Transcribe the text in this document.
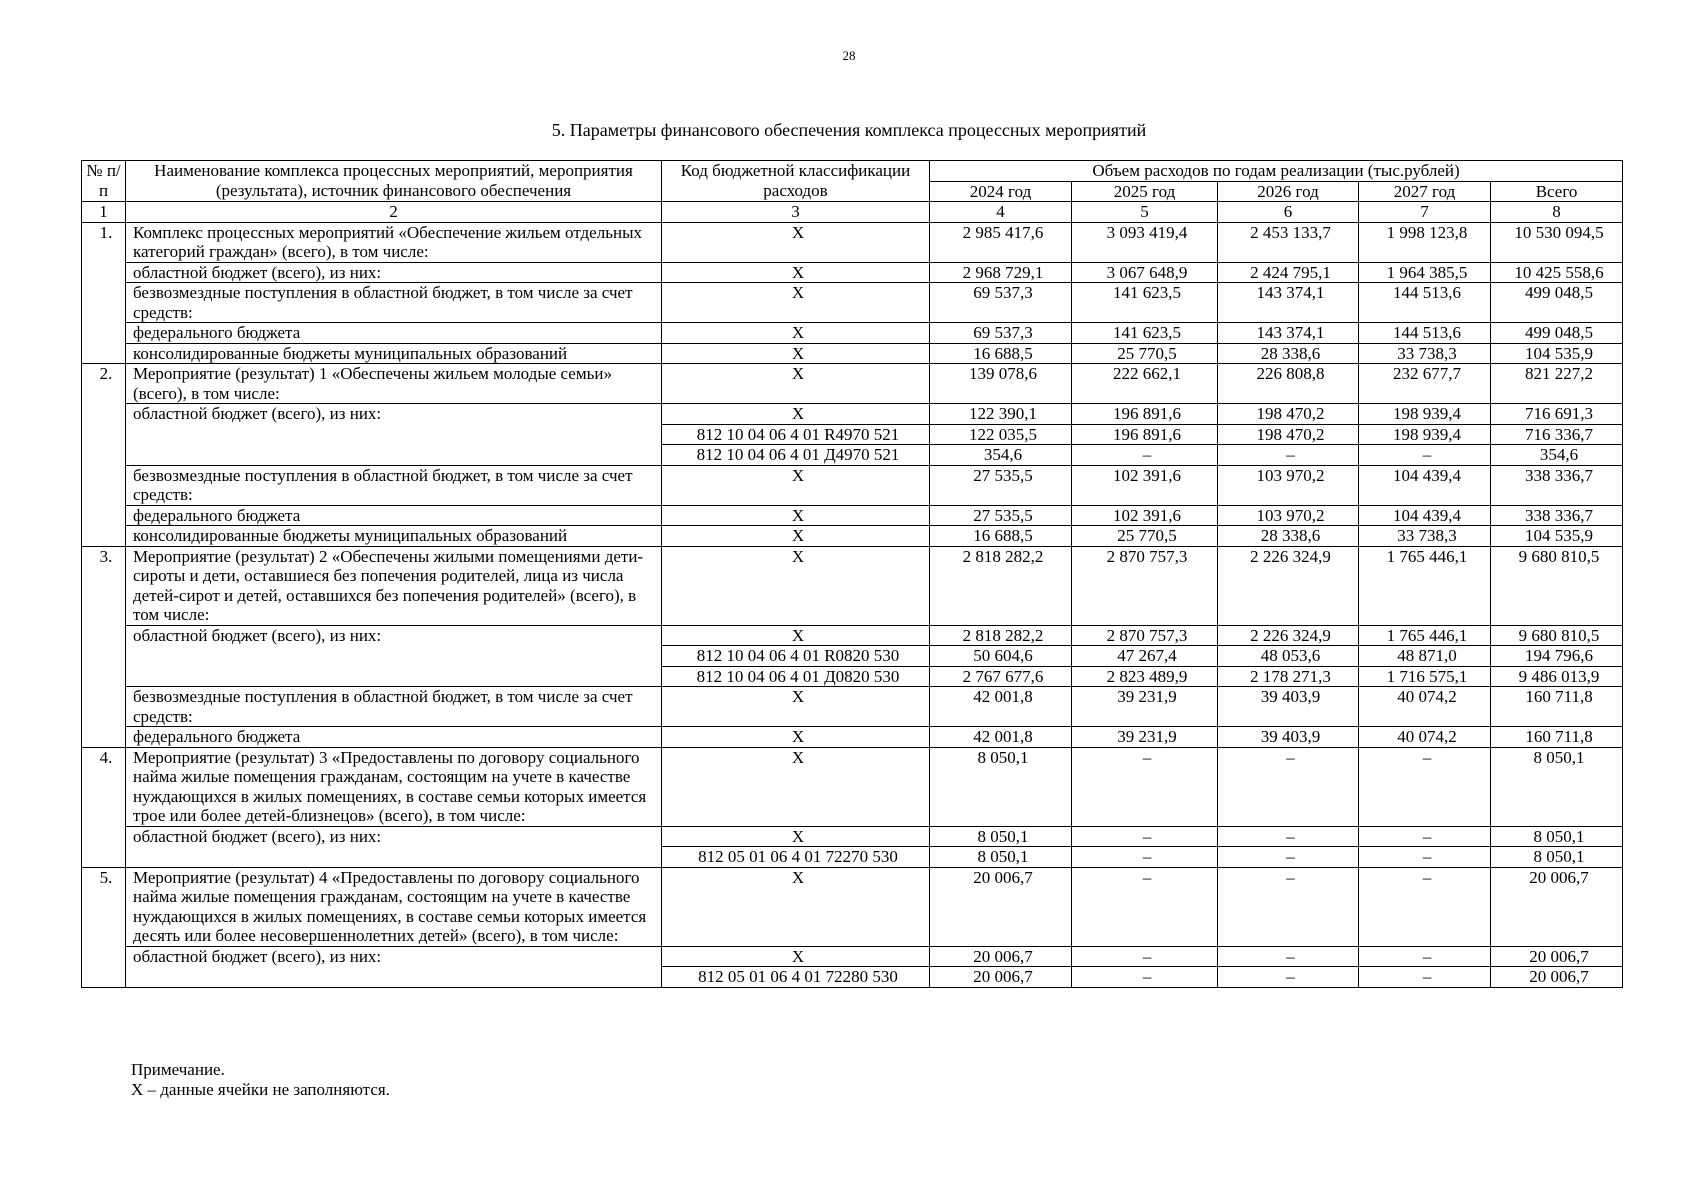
28
5. Параметры финансового обеспечения комплекса процессных мероприятий
№ п/п	Наименование комплекса процессных мероприятий, мероприятия (результата), источник финансового обеспечения	Код бюджетной классификации расходов	Объем расходов по годам реализации (тыс.рублей)				
			2024 год	2025 год	2026 год	2027 год	Всего
1	2	3	4	5	6	7	8
1.	Комплекс процессных мероприятий «Обеспечение жильем отдельных категорий граждан» (всего), в том числе:	X	2 985 417,6	3 093 419,4	2 453 133,7	1 998 123,8	10 530 094,5
	областной бюджет (всего), из них:	X	2 968 729,1	3 067 648,9	2 424 795,1	1 964 385,5	10 425 558,6
	безвозмездные поступления в областной бюджет, в том числе за счет средств:	X	69 537,3	141 623,5	143 374,1	144 513,6	499 048,5
	федерального бюджета	X	69 537,3	141 623,5	143 374,1	144 513,6	499 048,5
	консолидированные бюджеты муниципальных образований	X	16 688,5	25 770,5	28 338,6	33 738,3	104 535,9
2.	Мероприятие (результат) 1 «Обеспечены жильем молодые семьи» (всего), в том числе:	X	139 078,6	222 662,1	226 808,8	232 677,7	821 227,2
	областной бюджет (всего), из них:	X	122 390,1	196 891,6	198 470,2	198 939,4	716 691,3
		812 10 04 06 4 01 R4970 521	122 035,5	196 891,6	198 470,2	198 939,4	716 336,7
		812 10 04 06 4 01 Д4970 521	354,6	–	–	–	354,6
	безвозмездные поступления в областной бюджет, в том числе за счет средств:	X	27 535,5	102 391,6	103 970,2	104 439,4	338 336,7
	федерального бюджета	X	27 535,5	102 391,6	103 970,2	104 439,4	338 336,7
	консолидированные бюджеты муниципальных образований	X	16 688,5	25 770,5	28 338,6	33 738,3	104 535,9
3.	Мероприятие (результат) 2 «Обеспечены жилыми помещениями дети-сироты и дети, оставшиеся без попечения родителей, лица из числа детей-сирот и детей, оставшихся без попечения родителей» (всего), в том числе:	X	2 818 282,2	2 870 757,3	2 226 324,9	1 765 446,1	9 680 810,5
	областной бюджет (всего), из них:	X	2 818 282,2	2 870 757,3	2 226 324,9	1 765 446,1	9 680 810,5
		812 10 04 06 4 01 R0820 530	50 604,6	47 267,4	48 053,6	48 871,0	194 796,6
		812 10 04 06 4 01 Д0820 530	2 767 677,6	2 823 489,9	2 178 271,3	1 716 575,1	9 486 013,9
	безвозмездные поступления в областной бюджет, в том числе за счет средств:	X	42 001,8	39 231,9	39 403,9	40 074,2	160 711,8
	федерального бюджета	X	42 001,8	39 231,9	39 403,9	40 074,2	160 711,8
4.	Мероприятие (результат) 3 «Предоставлены по договору социального найма жилые помещения гражданам, состоящим на учете в качестве нуждающихся в жилых помещениях, в составе семьи которых имеется трое или более детей-близнецов» (всего), в том числе:	X	8 050,1	–	–	–	8 050,1
	областной бюджет (всего), из них:	X	8 050,1	–	–	–	8 050,1
		812 05 01 06 4 01 72270 530	8 050,1	–	–	–	8 050,1
5.	Мероприятие (результат) 4 «Предоставлены по договору социального найма жилые помещения гражданам, состоящим на учете в качестве нуждающихся в жилых помещениях, в составе семьи которых имеется десять или более несовершеннолетних детей» (всего), в том числе:	X	20 006,7	–	–	–	20 006,7
	областной бюджет (всего), из них:	X	20 006,7	–	–	–	20 006,7
		812 05 01 06 4 01 72280 530	20 006,7	–	–	–	20 006,7
Примечание.
X – данные ячейки не заполняются.
